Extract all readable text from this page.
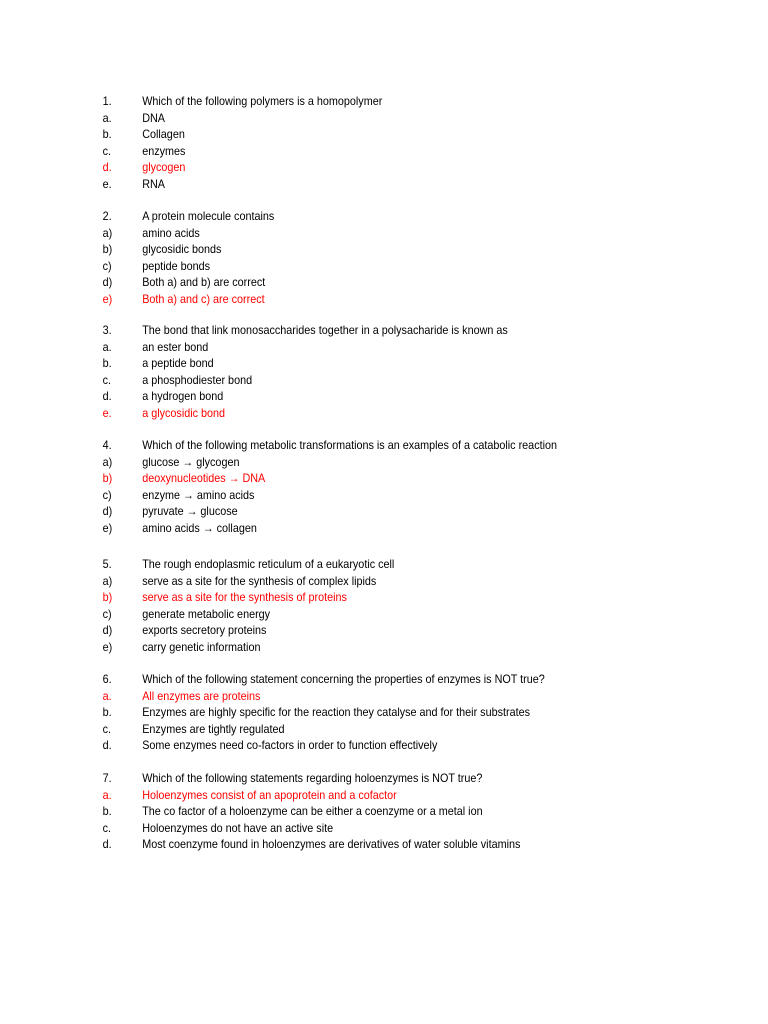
1.	Which of the following polymers is a homopolymer
a.	DNA
b.	Collagen
c.	enzymes
d.	glycogen
e.	RNA
2.	A protein molecule contains
a) amino acids
b) glycosidic bonds
c)	peptide bonds
d) Both a) and b) are correct
e) Both a) and c) are correct
3.	The bond that link monosaccharides together in a polysacharide is known as
a.	an ester bond
b.	a peptide bond
c.	a phosphodiester bond
d.	a hydrogen bond
e.	a glycosidic bond
4.	Which of the following metabolic transformations is an examples of a catabolic reaction
a) glucose → glycogen
b) deoxynucleotides → DNA
c)	enzyme → amino acids
d) pyruvate → glucose
e) amino acids → collagen
5.	The rough endoplasmic reticulum of a eukaryotic cell
a) serve as a site for the synthesis of complex lipids
b) serve as a site for the synthesis of proteins
c)	generate metabolic energy
d) exports secretory proteins
e) carry genetic information
6.	Which of the following statement concerning the properties of enzymes is NOT true?
a.	All enzymes are proteins
b.	Enzymes are highly specific for the reaction they catalyse and for their substrates
c.	Enzymes are tightly regulated
d.	Some enzymes need co-factors in order to function effectively
7.	Which of the following statements regarding holoenzymes is NOT true?
a.	Holoenzymes consist of an apoprotein and a cofactor
b.	The co factor of a holoenzyme can be either a coenzyme or a metal ion
c.	Holoenzymes do not have an active site
d.	Most coenzyme found in holoenzymes are derivatives of water soluble vitamins
